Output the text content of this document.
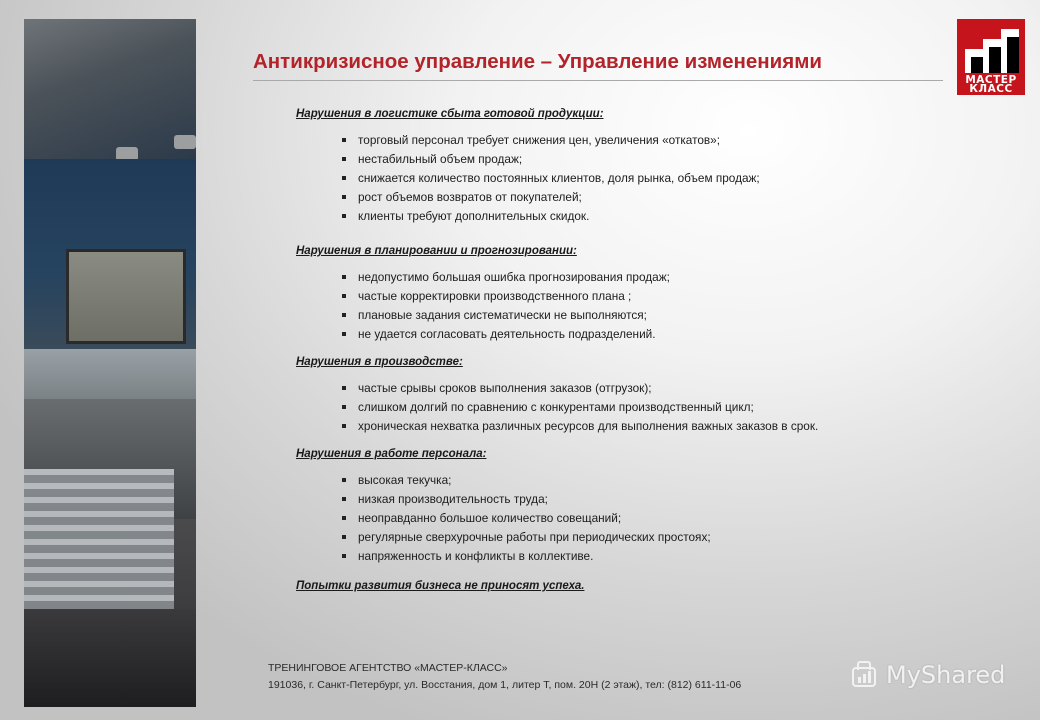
Антикризисное управление – Управление изменениями
МАСТЕР
КЛАСС
Нарушения в логистике сбыта готовой продукции:
торговый персонал требует снижения цен, увеличения «откатов»;
нестабильный объем продаж;
снижается количество постоянных клиентов, доля рынка, объем продаж;
рост объемов возвратов от покупателей;
клиенты требуют дополнительных скидок.
Нарушения в планировании и прогнозировании:
недопустимо большая ошибка прогнозирования продаж;
частые корректировки производственного плана ;
плановые задания систематически не выполняются;
не удается согласовать деятельность подразделений.
Нарушения в производстве:
частые срывы сроков выполнения заказов (отгрузок);
слишком долгий по сравнению с конкурентами производственный цикл;
хроническая нехватка различных ресурсов для выполнения важных заказов в срок.
Нарушения в работе персонала:
высокая текучка;
низкая производительность труда;
неоправданно большое количество совещаний;
регулярные сверхурочные работы при периодических простоях;
напряженность и конфликты в коллективе.
Попытки развития бизнеса не приносят успеха.
ТРЕНИНГОВОЕ АГЕНТСТВО «МАСТЕР-КЛАСС»
191036, г. Санкт-Петербург, ул. Восстания, дом 1, литер Т, пом. 20Н (2 этаж), тел: (812) 611-11-06	MyShared
